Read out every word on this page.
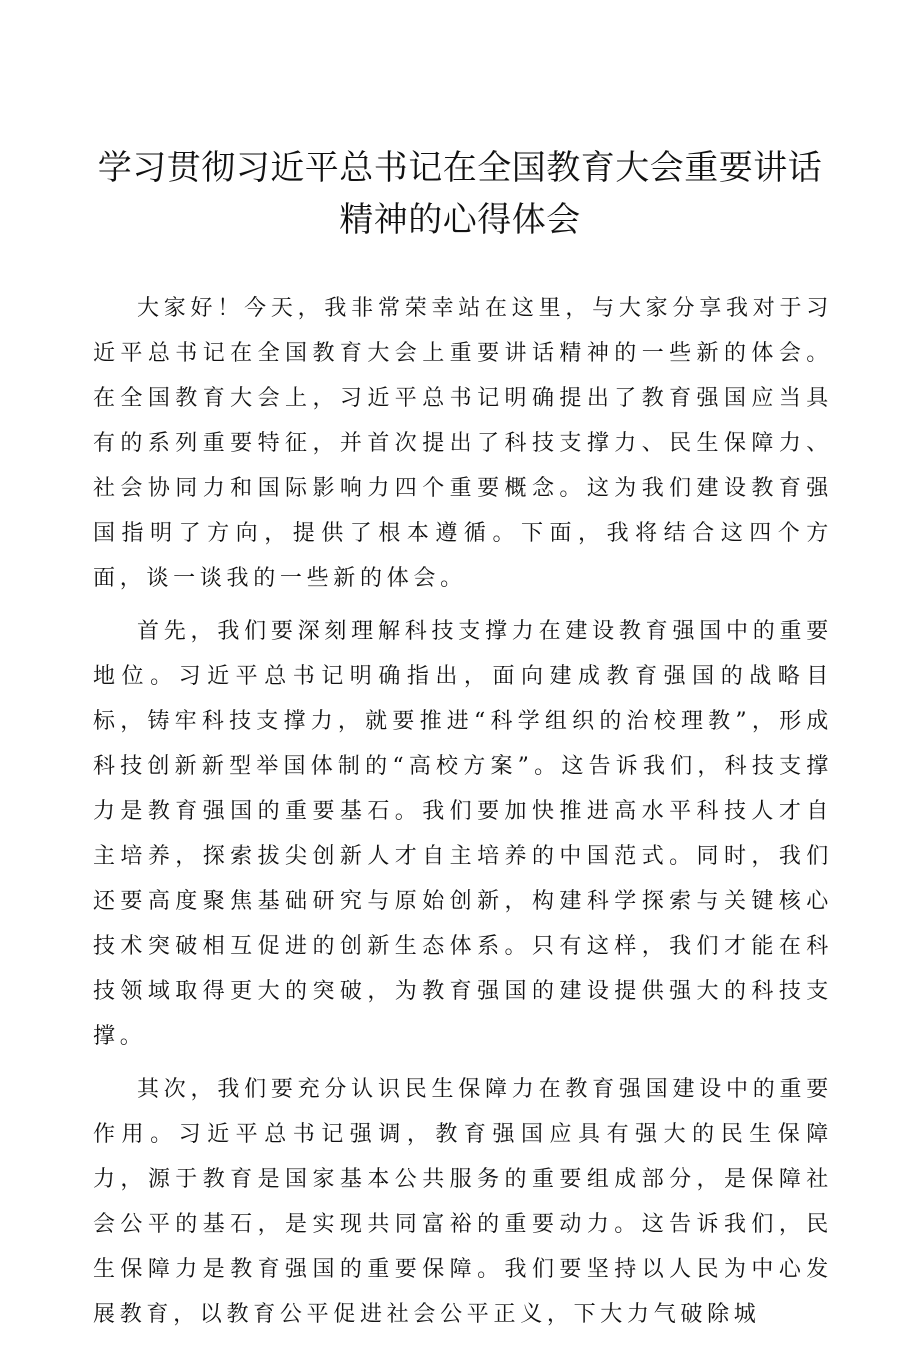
学习贯彻习近平总书记在全国教育大会重要讲话
精神的心得体会

大家好！今天，我非常荣幸站在这里，与大家分享我对于习近平总书记在全国教育大会上重要讲话精神的一些新的体会。在全国教育大会上，习近平总书记明确提出了教育强国应当具有的系列重要特征，并首次提出了科技支撑力、民生保障力、社会协同力和国际影响力四个重要概念。这为我们建设教育强国指明了方向，提供了根本遵循。下面，我将结合这四个方面，谈一谈我的一些新的体会。

首先，我们要深刻理解科技支撑力在建设教育强国中的重要地位。习近平总书记明确指出，面向建成教育强国的战略目标，铸牢科技支撑力，就要推进“科学组织的治校理教”，形成科技创新新型举国体制的“高校方案”。这告诉我们，科技支撑力是教育强国的重要基石。我们要加快推进高水平科技人才自主培养，探索拔尖创新人才自主培养的中国范式。同时，我们还要高度聚焦基础研究与原始创新，构建科学探索与关键核心技术突破相互促进的创新生态体系。只有这样，我们才能在科技领域取得更大的突破，为教育强国的建设提供强大的科技支撑。

其次，我们要充分认识民生保障力在教育强国建设中的重要作用。习近平总书记强调，教育强国应具有强大的民生保障力，源于教育是国家基本公共服务的重要组成部分，是保障社会公平的基石，是实现共同富裕的重要动力。这告诉我们，民生保障力是教育强国的重要保障。我们要坚持以人民为中心发展教育，以教育公平促进社会公平正义，下大力气破除城
